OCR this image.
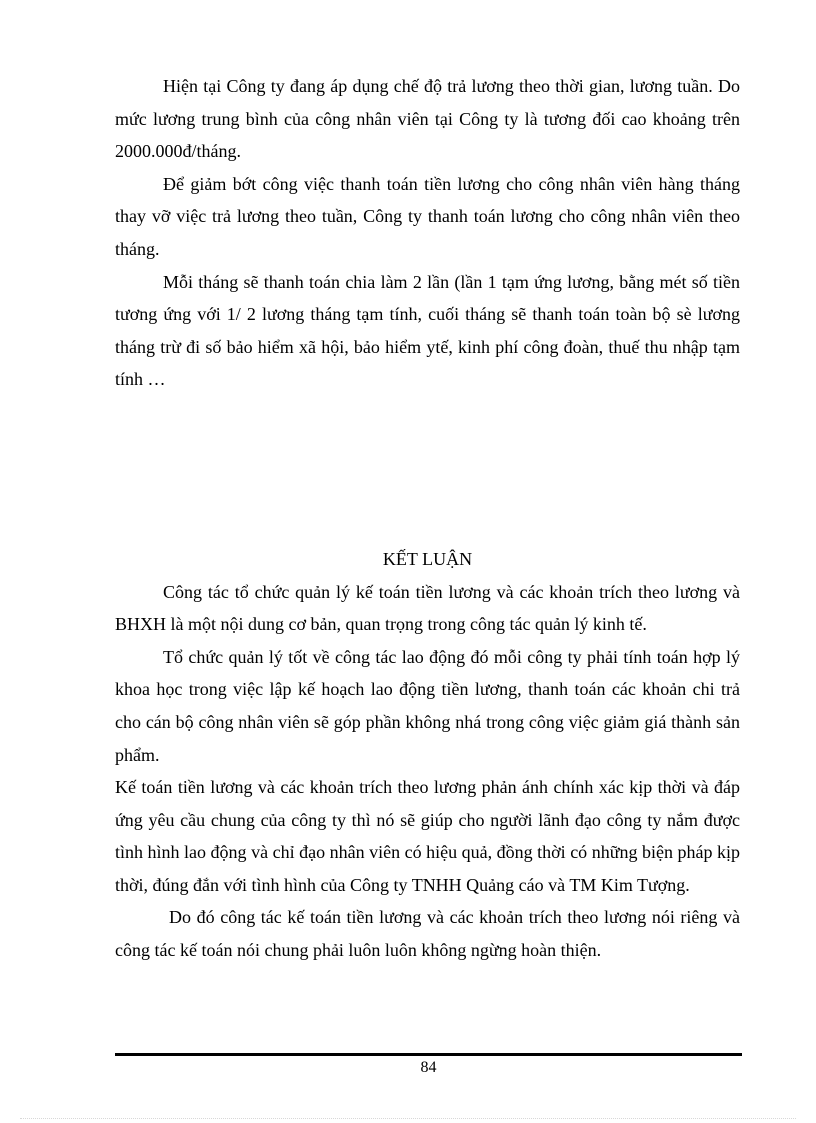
Hiện tại Công ty đang áp dụng chế độ trả lương theo thời gian, lương tuần. Do mức lương trung bình của công nhân viên tại Công ty là tương đối cao khoảng trên 2000.000đ/tháng.

Để giảm bớt công việc thanh toán tiền lương cho công nhân viên hàng tháng thay vỡ việc trả lương theo tuần, Công ty thanh toán lương cho công nhân viên theo tháng.

Mỗi tháng sẽ thanh toán chia làm 2 lần (lần 1 tạm ứng lương, bằng mét số tiền tương ứng với 1/ 2 lương tháng tạm tính, cuối tháng sẽ thanh toán toàn bộ sè lương tháng trừ đi số bảo hiểm xã hội, bảo hiểm ytế, kinh phí công đoàn, thuế thu nhập tạm tính …

KẾT LUẬN

Công tác tổ chức quản lý kế toán tiền lương và các khoản trích theo lương và BHXH là một nội dung cơ bản, quan trọng trong công tác quản lý kinh tế.

Tổ chức quản lý tốt về công tác lao động đó mỗi công ty phải tính toán hợp lý khoa học trong việc lập kế hoạch lao động tiền lương, thanh toán các khoản chi trả cho cán bộ công nhân viên sẽ góp phần không nhá trong công việc giảm giá thành sản phẩm.

Kế toán tiền lương và các khoản trích theo lương phản ánh chính xác kịp thời và đáp ứng yêu cầu chung của công ty thì nó sẽ giúp cho người lãnh đạo công ty nắm được tình hình lao động và chỉ đạo nhân viên có hiệu quả, đồng thời có những biện pháp kịp thời, đúng đắn với tình hình của Công ty TNHH Quảng cáo và TM Kim Tượng.

Do đó công tác kế toán tiền lương và các khoản trích theo lương nói riêng và công tác kế toán nói chung phải luôn luôn không ngừng hoàn thiện.

84
